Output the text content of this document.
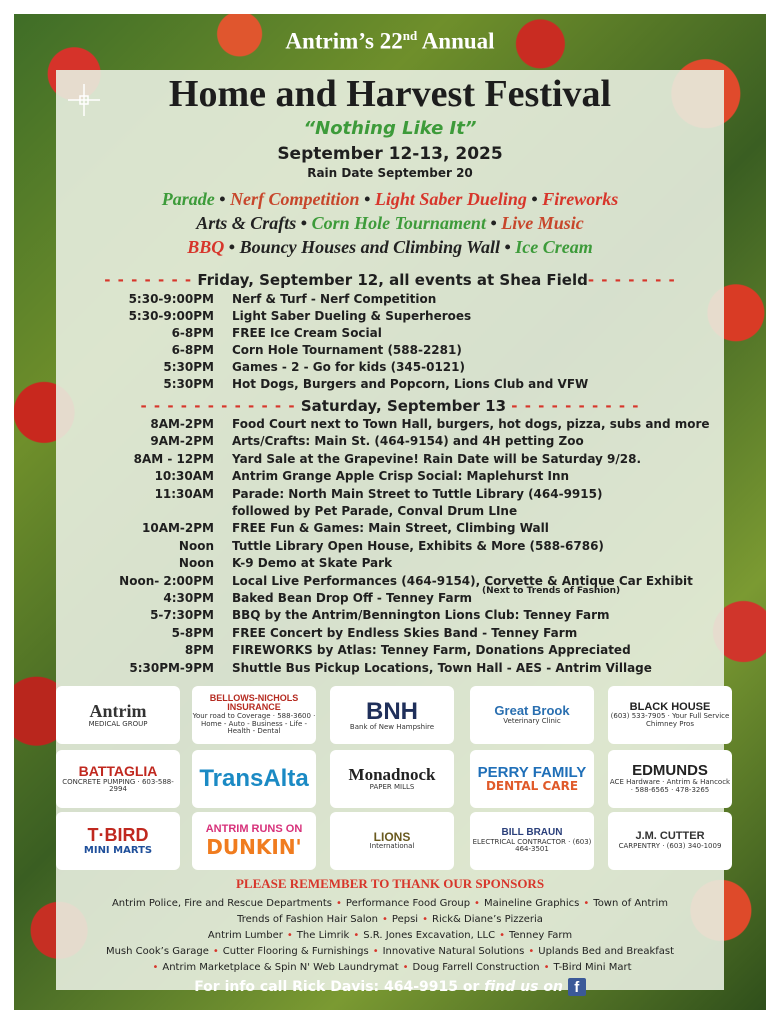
Antrim’s 22nd Annual
Home and Harvest Festival
“Nothing Like It”
September 12-13, 2025
Rain Date September 20
Parade • Nerf Competition • Light Saber Dueling • Fireworks
Arts & Crafts • Corn Hole Tournament • Live Music
BBQ • Bouncy Houses and Climbing Wall • Ice Cream
- - - - - - - Friday, September 12, all events at Shea Field- - - - - - -
5:30-9:00PM Nerf & Turf - Nerf Competition
5:30-9:00PM Light Saber Dueling & Superheroes
6-8PM FREE Ice Cream Social
6-8PM Corn Hole Tournament (588-2281)
5:30PM Games - 2 - Go for kids (345-0121)
5:30PM Hot Dogs, Burgers and Popcorn, Lions Club and VFW
- - - - - - - - - - - - Saturday, September 13 - - - - - - - - - -
8AM-2PM Food Court next to Town Hall, burgers, hot dogs, pizza, subs and more
9AM-2PM Arts/Crafts: Main St. (464-9154) and 4H petting Zoo
8AM - 12PM Yard Sale at the Grapevine! Rain Date will be Saturday 9/28.
10:30AM Antrim Grange Apple Crisp Social: Maplehurst Inn
11:30AM Parade: North Main Street to Tuttle Library (464-9915)
followed by Pet Parade, Conval Drum LIne
10AM-2PM FREE Fun & Games: Main Street, Climbing Wall
Noon Tuttle Library Open House, Exhibits & More (588-6786)
Noon K-9 Demo at Skate Park
Noon- 2:00PM Local Live Performances (464-9154), Corvette & Antique Car Exhibit
4:30PM Baked Bean Drop Off - Tenney Farm
5-7:30PM BBQ by the Antrim/Bennington Lions Club: Tenney Farm
5-8PM FREE Concert by Endless Skies Band - Tenney Farm
8PM FIREWORKS by Atlas: Tenney Farm, Donations Appreciated
5:30PM-9PM Shuttle Bus Pickup Locations, Town Hall - AES - Antrim Village
(Next to Trends of Fashion)
Antrim
MEDICAL GROUP
BELLOWS-NICHOLS INSURANCE
Your road to Coverage · 588-3600 · Home - Auto - Business - Life - Health - Dental
BNH
Bank of New Hampshire
Great Brook
Veterinary Clinic
BLACK HOUSE
(603) 533-7905 · Your Full Service Chimney Pros
BATTAGLIA
CONCRETE PUMPING · 603-588-2994	TransAlta Monadnock
PAPER MILLS
PERRY FAMILY
DENTAL CARE
EDMUNDS
ACE Hardware · Antrim & Hancock · 588-6565 · 478-3265
T·BIRD
MINI MARTS
ANTRIM RUNS ON
DUNKIN'	LIONS
International
BILL BRAUN
ELECTRICAL CONTRACTOR · (603) 464-3501
J.M. CUTTER
CARPENTRY · (603) 340-1009
PLEASE REMEMBER TO THANK OUR SPONSORS
Antrim Police, Fire and Rescue Departments • Performance Food Group • Maineline Graphics • Town of Antrim
Trends of Fashion Hair Salon • Pepsi • Rick& Diane’s Pizzeria
Antrim Lumber • The Limrik • S.R. Jones Excavation, LLC • Tenney Farm
Mush Cook’s Garage • Cutter Flooring & Furnishings • Innovative Natural Solutions • Uplands Bed and Breakfast
• Antrim Marketplace & Spin N' Web Laundrymat • Doug Farrell Construction • T-Bird Mini Mart
For info call Rick Davis: 464-9915 or find us on f
